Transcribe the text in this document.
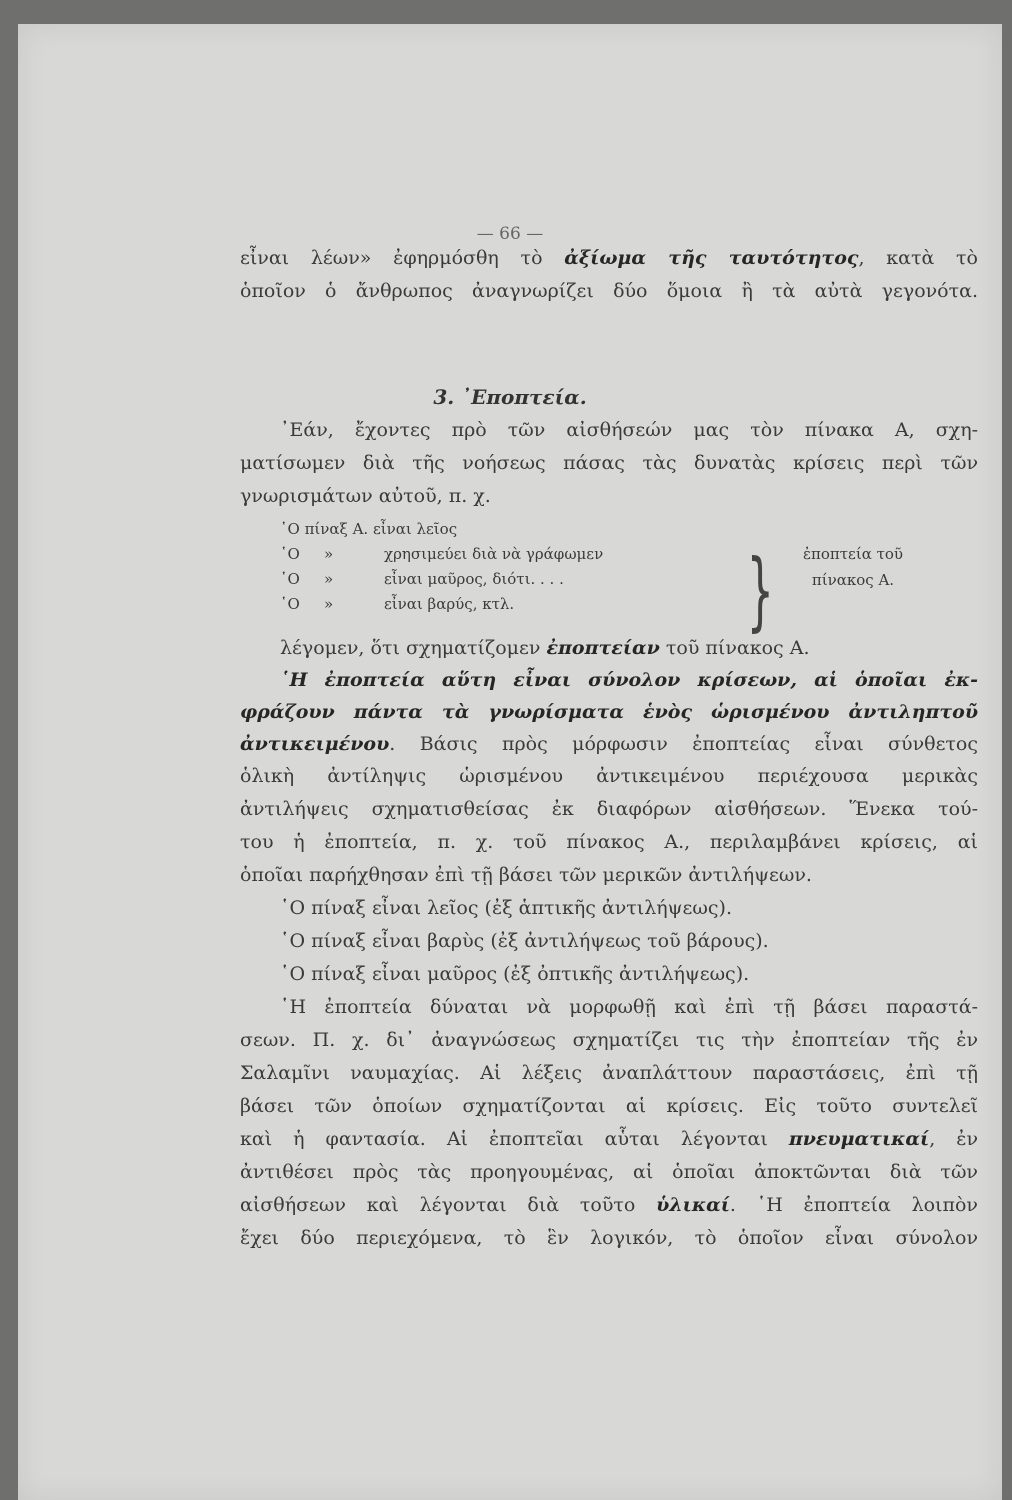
— 66 —
3. ᾿Εποπτεία.
}
εἶναι λέων» ἐφηρμόσθη τὸ ἀξίωμα τῆς ταυτότητος, κατὰ τὸ
ὁποῖον ὁ ἄνθρωπος ἀναγνωρίζει δύο ὅμοια ἢ τὰ αὐτὰ γεγονότα.
᾿Εάν, ἔχοντες πρὸ τῶν αἰσθήσεών μας τὸν πίνακα Α, σχη-
ματίσωμεν διὰ τῆς νοήσεως πάσας τὰς δυνατὰς κρίσεις περὶ τῶν
γνωρισμάτων αὐτοῦ, π. χ.
λέγομεν, ὅτι σχηματίζομεν ἐποπτείαν τοῦ πίνακος Α.
῾Η ἐποπτεία αὕτη εἶναι σύνολον κρίσεων, αἱ ὁποῖαι ἐκ-
φράζουν πάντα τὰ γνωρίσματα ἑνὸς ὡρισμένου ἀντιληπτοῦ
ἀντικειμένου. Βάσις πρὸς μόρφωσιν ἐποπτείας εἶναι σύνθετος
ὁλικὴ ἀντίληψις ὡρισμένου ἀντικειμένου περιέχουσα μερικὰς
ἀντιλήψεις σχηματισθείσας ἐκ διαφόρων αἰσθήσεων. Ἕνεκα τού-
του ἡ ἐποπτεία, π. χ. τοῦ πίνακος Α., περιλαμβάνει κρίσεις, αἱ
ὁποῖαι παρήχθησαν ἐπὶ τῇ βάσει τῶν μερικῶν ἀντιλήψεων.
῾Ο πίναξ εἶναι λεῖος (ἐξ ἁπτικῆς ἀντιλήψεως).
῾Ο πίναξ εἶναι βαρὺς (ἐξ ἀντιλήψεως τοῦ βάρους).
῾Ο πίναξ εἶναι μαῦρος (ἐξ ὀπτικῆς ἀντιλήψεως).
῾Η ἐποπτεία δύναται νὰ μορφωθῇ καὶ ἐπὶ τῇ βάσει παραστά-
σεων. Π. χ. δι᾿ ἀναγνώσεως σχηματίζει τις τὴν ἐποπτείαν τῆς ἐν
Σαλαμῖνι ναυμαχίας. Αἱ λέξεις ἀναπλάττουν παραστάσεις, ἐπὶ τῇ
βάσει τῶν ὁποίων σχηματίζονται αἱ κρίσεις. Εἰς τοῦτο συντελεῖ
καὶ ἡ φαντασία. Αἱ ἐποπτεῖαι αὗται λέγονται πνευματικαί, ἐν
ἀντιθέσει πρὸς τὰς προηγουμένας, αἱ ὁποῖαι ἀποκτῶνται διὰ τῶν
αἰσθήσεων καὶ λέγονται διὰ τοῦτο ὑλικαί. ῾Η ἐποπτεία λοιπὸν
ἔχει δύο περιεχόμενα, τὸ ἓν λογικόν, τὸ ὁποῖον εἶναι σύνολον
῾Ο πίναξ Α. εἶναι λεῖος
῾Ο »	χρησιμεύει διὰ νὰ γράφωμεν
῾Ο »	εἶναι μαῦρος, διότι. . . .
῾Ο »	εἶναι βαρύς, κτλ.
ἐποπτεία τοῦ
πίνακος Α.
